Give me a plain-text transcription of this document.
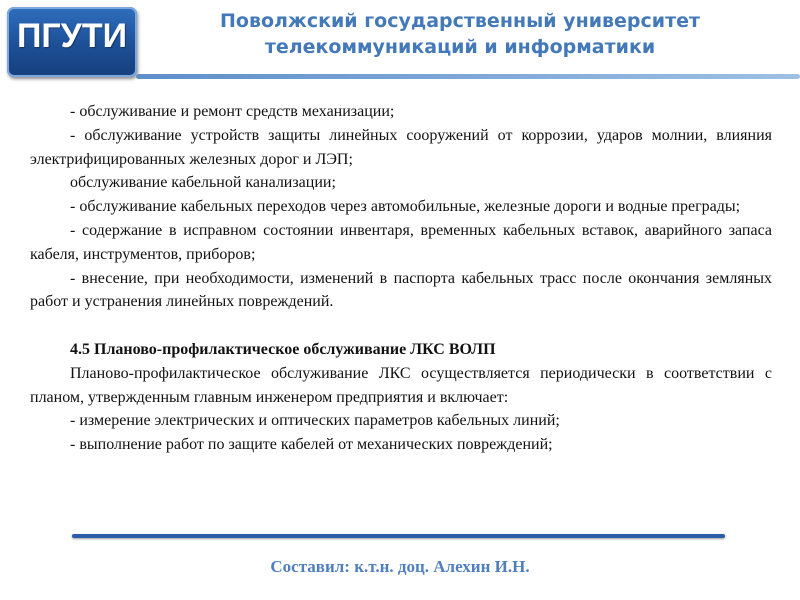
ПГУТИ	Поволжский государственный университет
телекоммуникаций и информатики

- обслуживание и ремонт средств механизации;

- обслуживание устройств защиты линейных сооружений от коррозии, ударов молнии, влияния электрифицированных железных дорог и ЛЭП;

обслуживание кабельной канализации;

- обслуживание кабельных переходов через автомобильные, железные дороги и водные преграды;

- содержание в исправном состоянии инвентаря, временных кабельных вставок, аварийного запаса кабеля, инструментов, приборов;

- внесение, при необходимости, изменений в паспорта кабельных трасс после окончания земляных работ и устранения линейных повреждений.

4.5 Планово-профилактическое обслуживание ЛКС ВОЛП

Планово-профилактическое обслуживание ЛКС осуществляется периодически в соответствии с планом, утвержденным главным инженером предприятия и включает:

- измерение электрических и оптических параметров кабельных линий;

- выполнение работ по защите кабелей от механических повреждений;

Составил: к.т.н. доц. Алехин И.Н.
